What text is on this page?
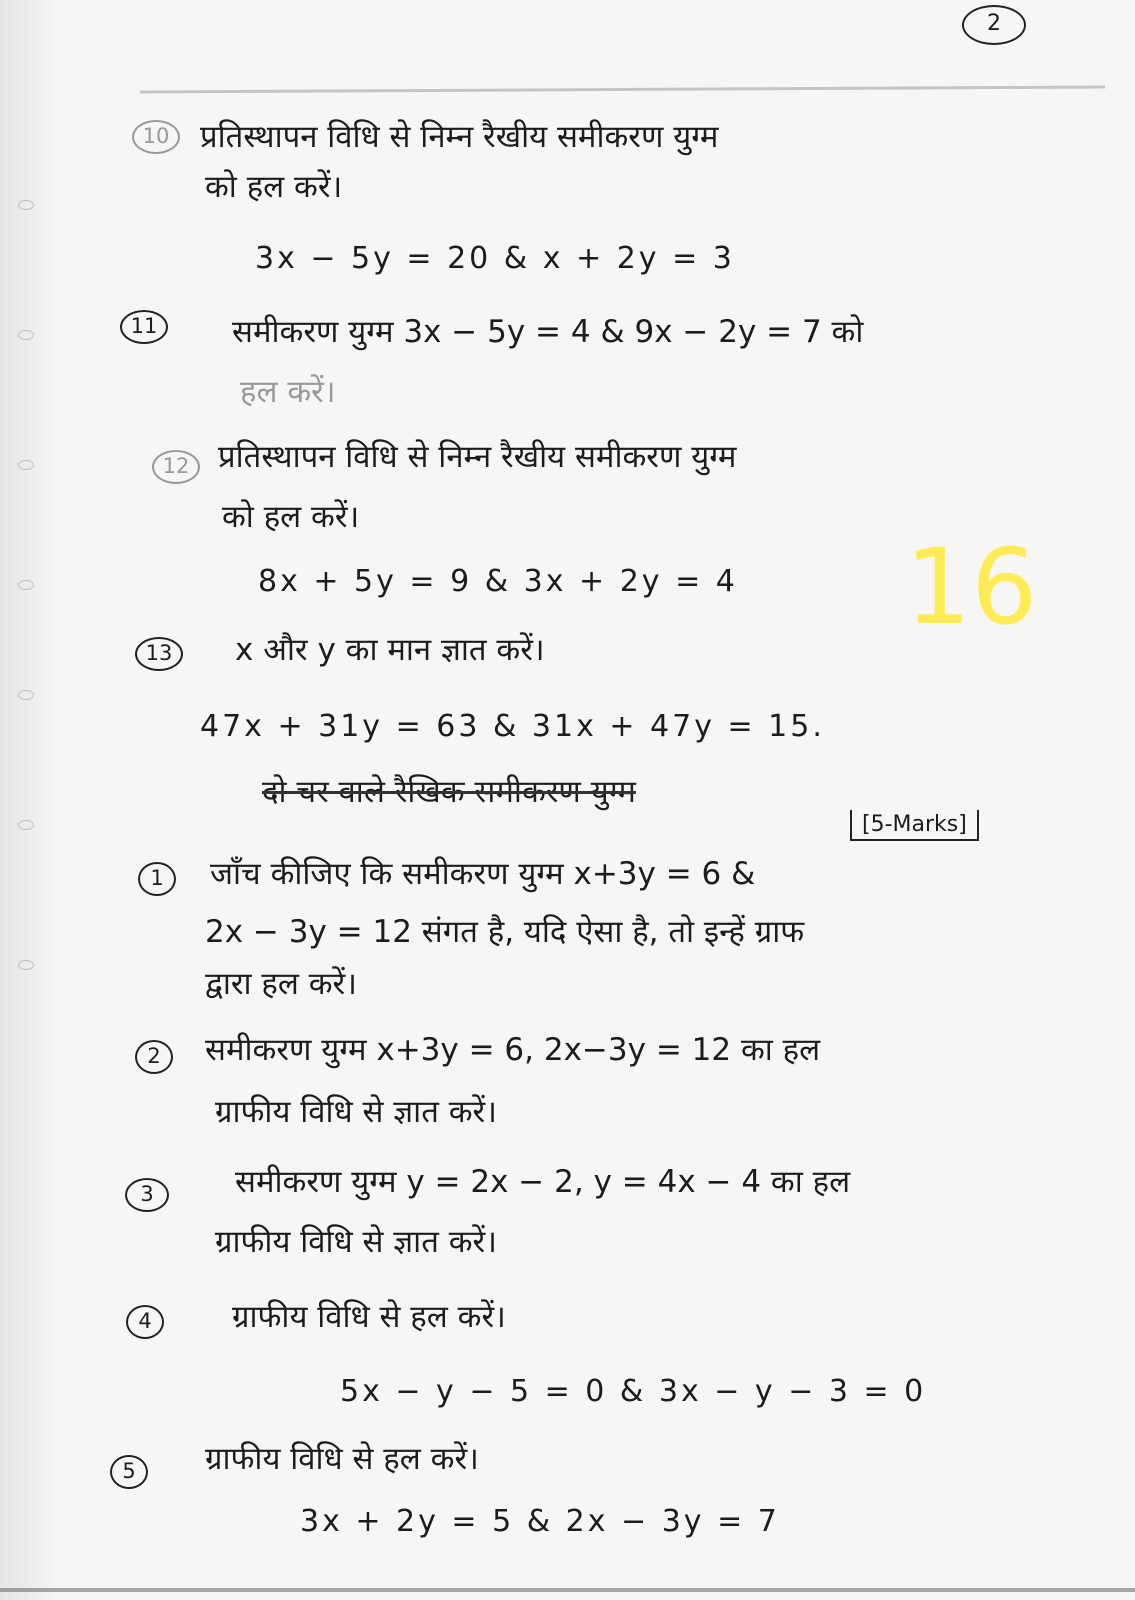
2
16
10 प्रतिस्थापन विधि से निम्न रैखीय समीकरण युग्म
को हल करें।
3x − 5y = 20 & x + 2y = 3
11	समीकरण युग्म 3x − 5y = 4 & 9x − 2y = 7 को
हल करें।
12 प्रतिस्थापन विधि से निम्न रैखीय समीकरण युग्म
को हल करें।
8x + 5y = 9 & 3x + 2y = 4
13	x और y का मान ज्ञात करें।
47x + 31y = 63 & 31x + 47y = 15.
दो चर वाले रैखिक समीकरण युग्म
[5-Marks]
1	जाँच कीजिए कि समीकरण युग्म x+3y = 6 &
2x − 3y = 12 संगत है, यदि ऐसा है, तो इन्हें ग्राफ
द्वारा हल करें।
2	समीकरण युग्म x+3y = 6, 2x−3y = 12 का हल
ग्राफीय विधि से ज्ञात करें।
3	समीकरण युग्म y = 2x − 2, y = 4x − 4 का हल
ग्राफीय विधि से ज्ञात करें।
4	ग्राफीय विधि से हल करें।
5x − y − 5 = 0 & 3x − y − 3 = 0
5	ग्राफीय विधि से हल करें।
3x + 2y = 5 & 2x − 3y = 7
